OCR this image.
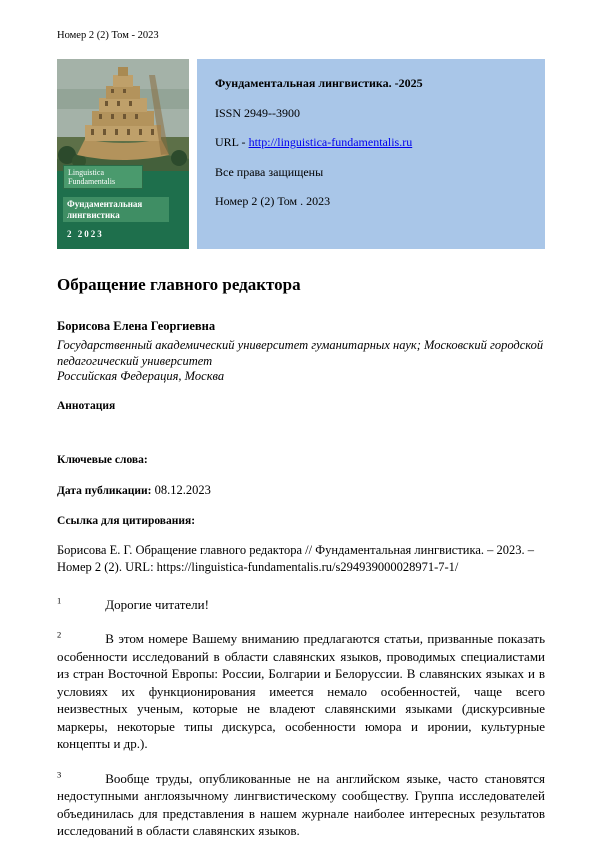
Номер 2 (2) Том - 2023
Linguistica Fundamentalis
Фундаментальная лингвистика
2 2023
Фундаментальная лингвистика. -2025
ISSN 2949--3900
URL - http://linguistica-fundamentalis.ru
Все права защищены
Номер 2 (2) Том . 2023
Обращение главного редактора
Борисова Елена Георгиевна
Государственный академический университет гуманитарных наук; Московский городской педагогический университет
Российская Федерация, Москва
Аннотация
Ключевые слова:
Дата публикации: 08.12.2023
Ссылка для цитирования:

Борисова Е. Г. Обращение главного редактора // Фундаментальная лингвистика. – 2023. – Номер 2 (2). URL: https://linguistica-fundamentalis.ru/s294939000028971-7-1/

$^1$	Дорогие читатели!

$^2$	В этом номере Вашему вниманию предлагаются статьи, призванные показать особенности исследований в области славянских языков, проводимых специалистами из стран Восточной Европы: России, Болгарии и Белоруссии. В славянских языках и в условиях их функционирования имеется немало особенностей, чаще всего неизвестных ученым, которые не владеют славянскими языками (дискурсивные маркеры, некоторые типы дискурса, особенности юмора и иронии, культурные концепты и др.).

$^3$	Вообще труды, опубликованные не на английском языке, часто становятся недоступными англоязычному лингвистическому сообществу. Группа исследователей объединилась для представления в нашем журнале наиболее интересных результатов исследований в области славянских языков.
